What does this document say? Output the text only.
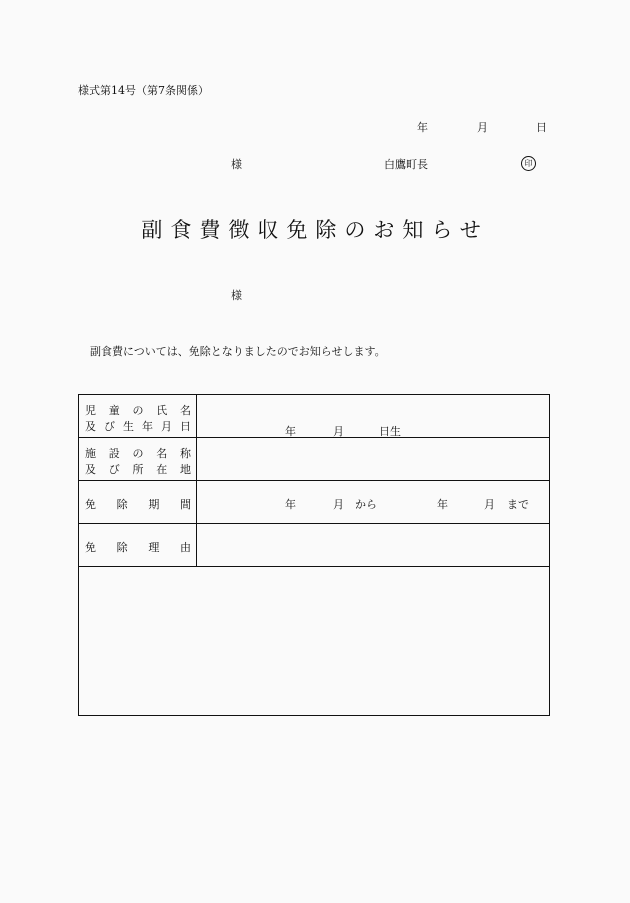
様式第14号（第7条関係）
年	月	日
様	白鷹町長	印
副食費徴収免除のお知らせ
様
副食費については、免除となりましたのでお知らせします。
児 童 の 氏 名
及 び 生 年 月 日	年	月	日生
施 設 の 名 称
及 び 所 在 地
免 除 期 間	年	月 から	年	月 まで
免 除 理 由
